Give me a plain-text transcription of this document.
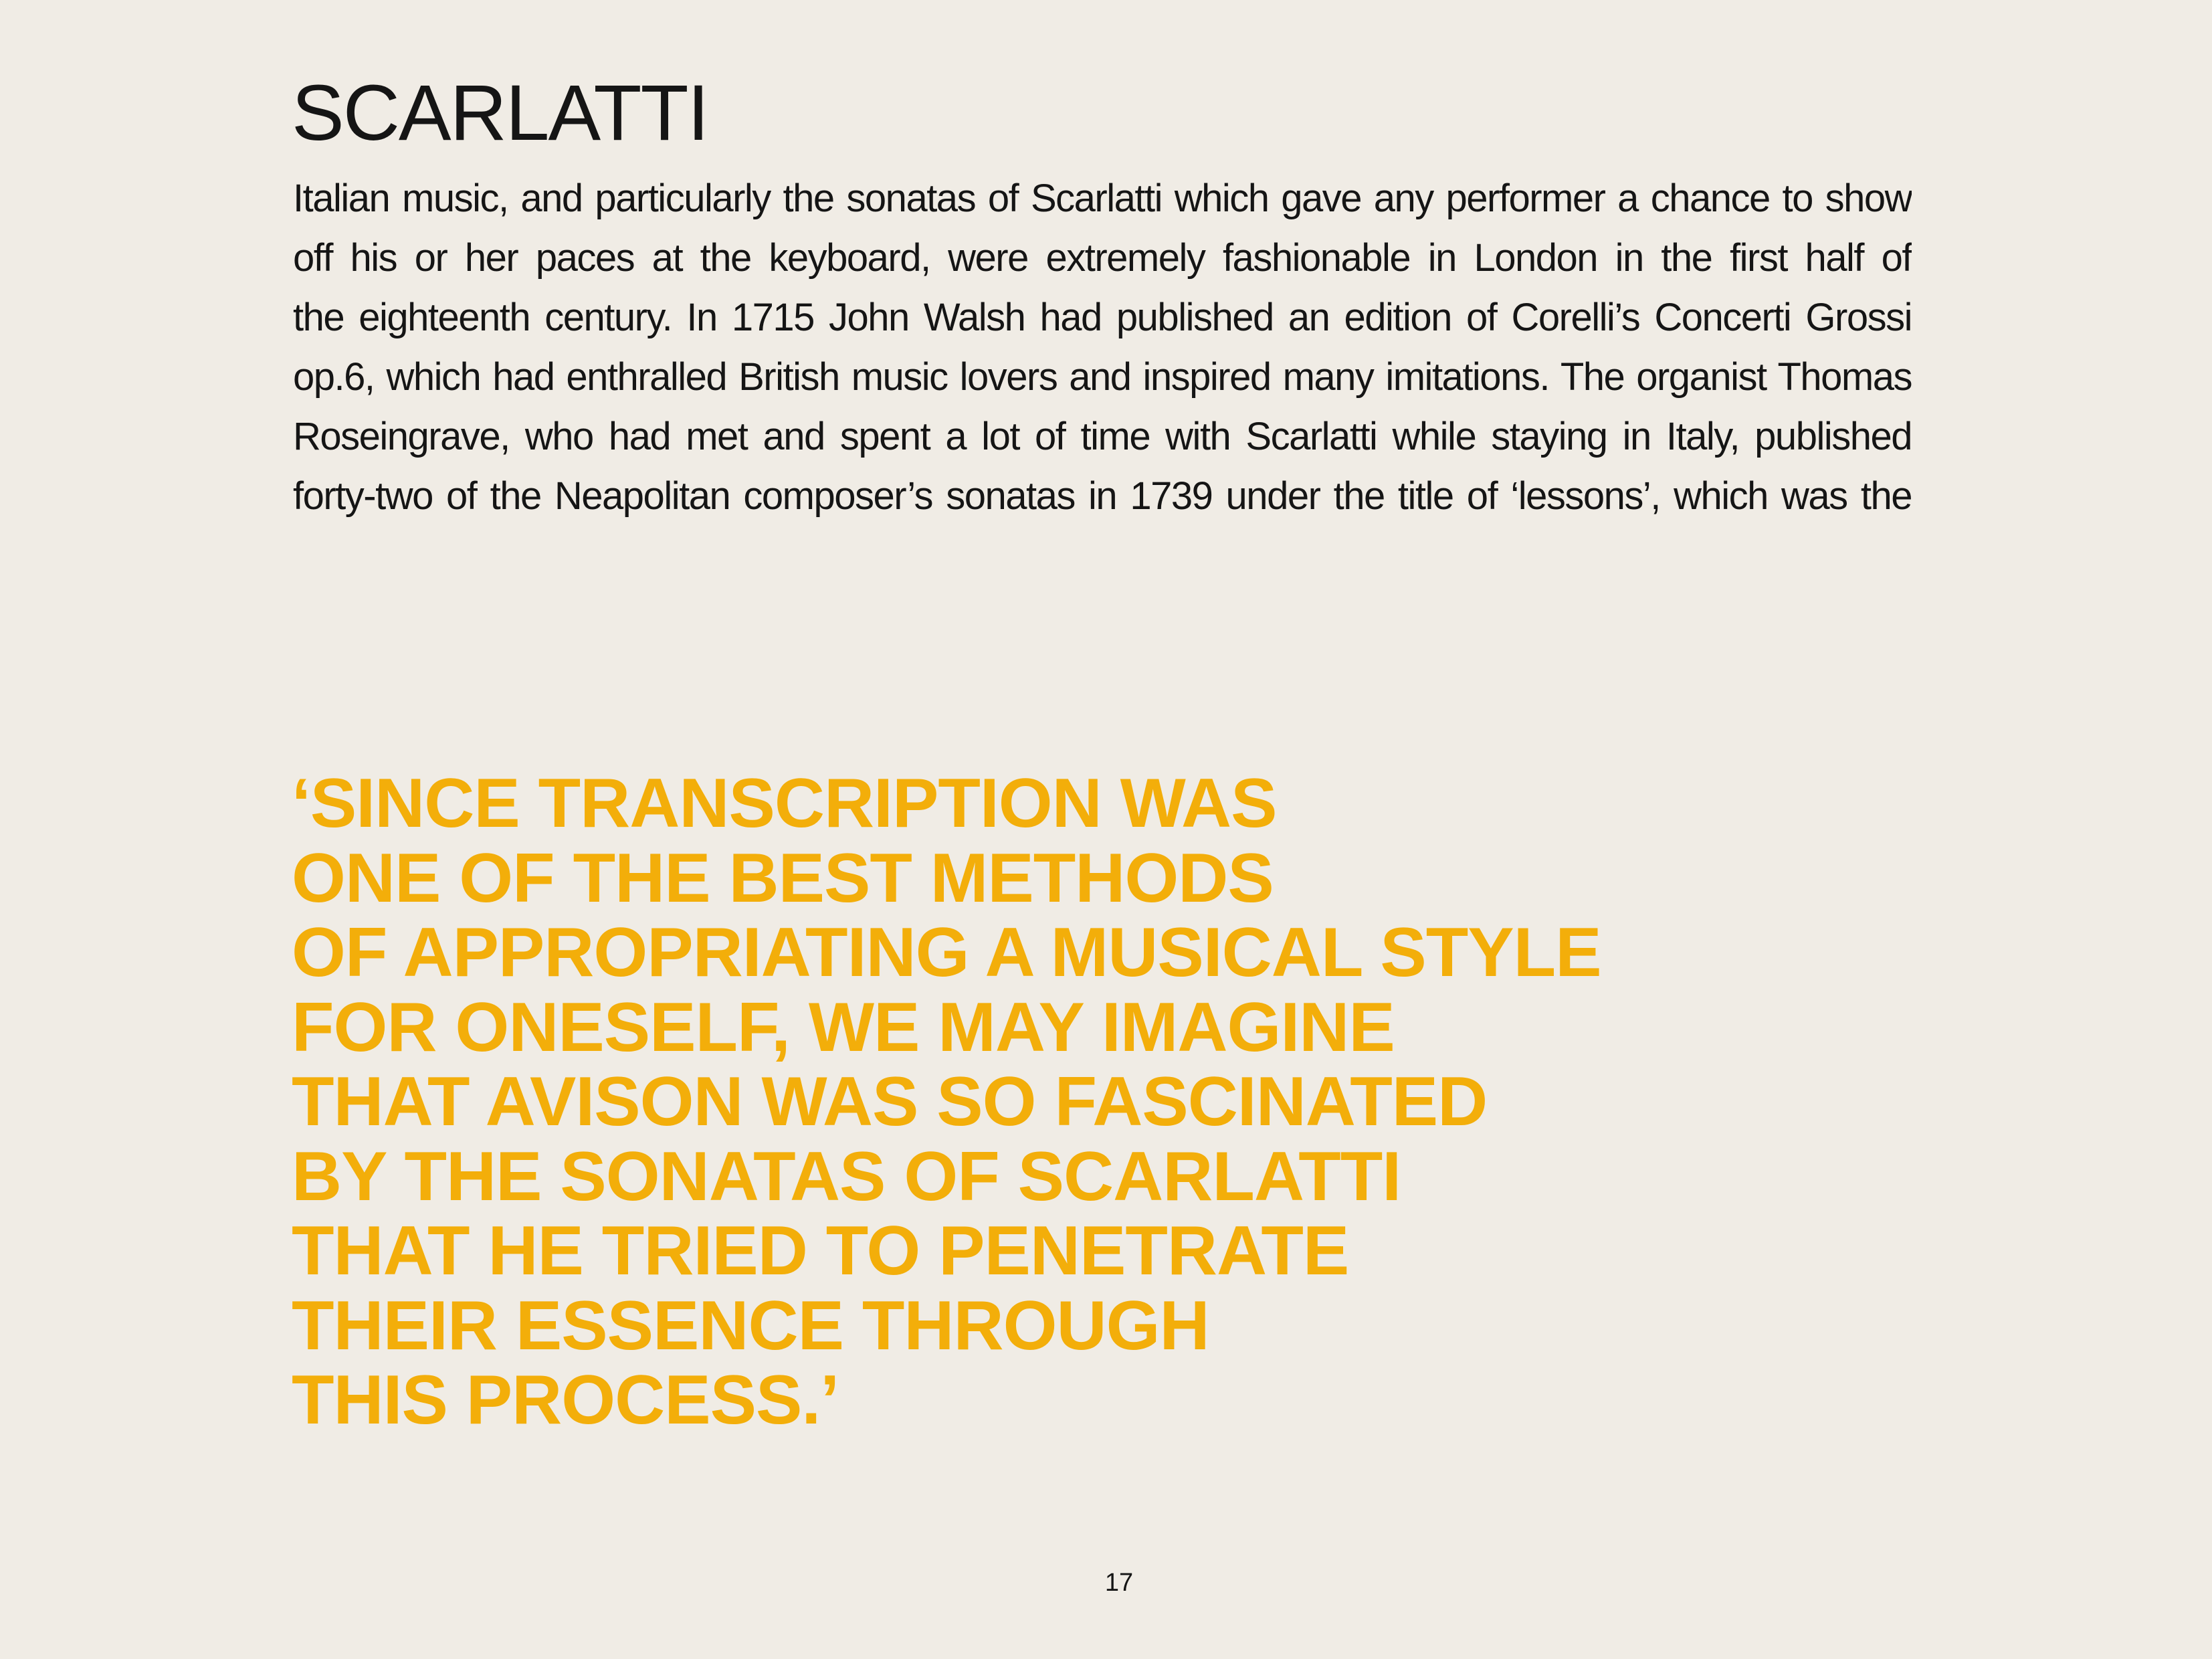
SCARLATTI
Italian music, and particularly the sonatas of Scarlatti which gave any performer a chance to show
off his or her paces at the keyboard, were extremely fashionable in London in the first half of
the eighteenth century. In 1715 John Walsh had published an edition of Corelli’s Concerti Grossi
op.6, which had enthralled British music lovers and inspired many imitations. The organist Thomas
Roseingrave, who had met and spent a lot of time with Scarlatti while staying in Italy, published
forty-two of the Neapolitan composer’s sonatas in 1739 under the title of ‘lessons’, which was the
‘SINCE TRANSCRIPTION WAS
ONE OF THE BEST METHODS
OF APPROPRIATING A MUSICAL STYLE
FOR ONESELF, WE MAY IMAGINE
THAT AVISON WAS SO FASCINATED
BY THE SONATAS OF SCARLATTI
THAT HE TRIED TO PENETRATE
THEIR ESSENCE THROUGH
THIS PROCESS.’
17
